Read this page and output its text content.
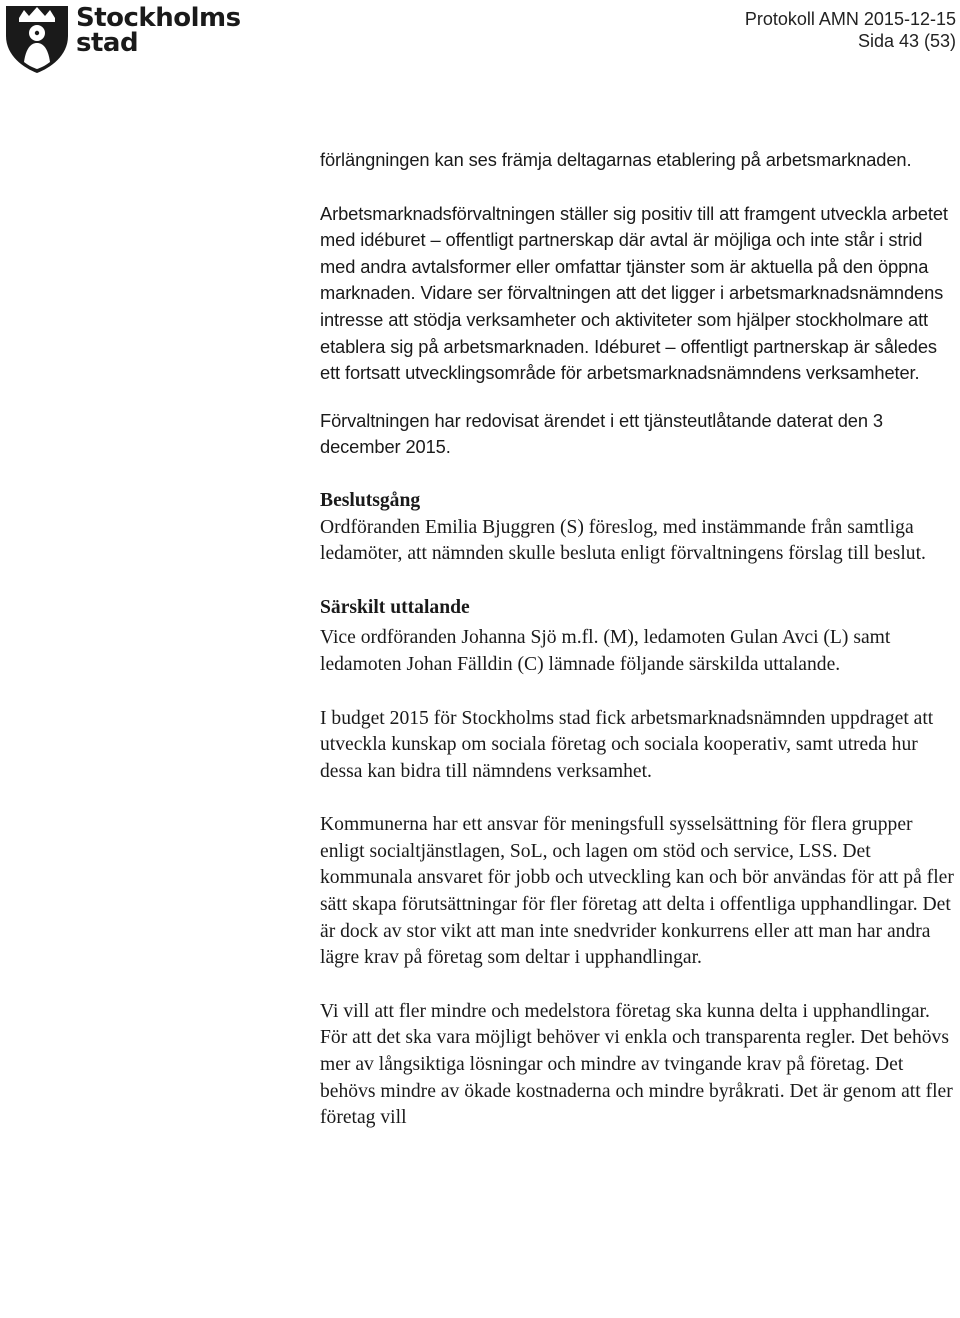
Stockholms
stad
Protokoll AMN 2015-12-15
Sida 43 (53)

förlängningen kan ses främja deltagarnas etablering på arbetsmarknaden.

Arbetsmarknadsförvaltningen ställer sig positiv till att framgent utveckla arbetet med idéburet – offentligt partnerskap där avtal är möjliga och inte står i strid med andra avtalsformer eller omfattar tjänster som är aktuella på den öppna marknaden. Vidare ser förvaltningen att det ligger i arbetsmarknadsnämndens intresse att stödja verksamheter och aktiviteter som hjälper stockholmare att etablera sig på arbetsmarknaden. Idéburet – offentligt partnerskap är således ett fortsatt utvecklingsområde för arbetsmarknadsnämndens verksamheter.

Förvaltningen har redovisat ärendet i ett tjänsteutlåtande daterat den 3 december 2015.

Beslutsgång

Ordföranden Emilia Bjuggren (S) föreslog, med instämmande från samtliga ledamöter, att nämnden skulle besluta enligt förvaltningens förslag till beslut.

Särskilt uttalande

Vice ordföranden Johanna Sjö m.fl. (M), ledamoten Gulan Avci (L) samt ledamoten Johan Fälldin (C) lämnade följande särskilda uttalande.

I budget 2015 för Stockholms stad fick arbetsmarknadsnämnden uppdraget att utveckla kunskap om sociala företag och sociala kooperativ, samt utreda hur dessa kan bidra till nämndens verksamhet.

Kommunerna har ett ansvar för meningsfull sysselsättning för flera grupper enligt socialtjänstlagen, SoL, och lagen om stöd och service, LSS. Det kommunala ansvaret för jobb och utveckling kan och bör användas för att på fler sätt skapa förutsättningar för fler företag att delta i offentliga upphandlingar. Det är dock av stor vikt att man inte snedvrider konkurrens eller att man har andra lägre krav på företag som deltar i upphandlingar.

Vi vill att fler mindre och medelstora företag ska kunna delta i upphandlingar. För att det ska vara möjligt behöver vi enkla och transparenta regler. Det behövs mer av långsiktiga lösningar och mindre av tvingande krav på företag. Det behövs mindre av ökade kostnaderna och mindre byråkrati. Det är genom att fler företag vill
